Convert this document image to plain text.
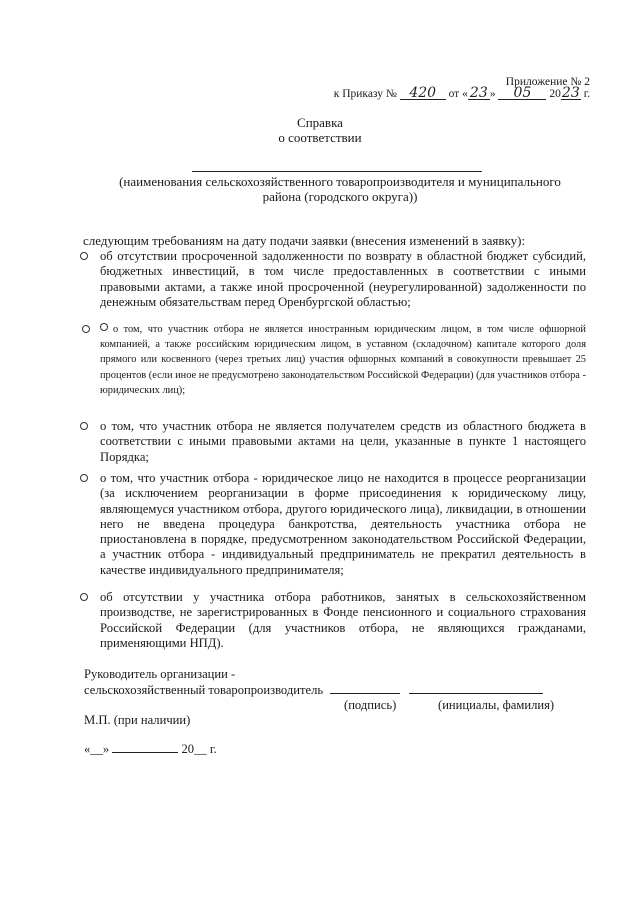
Приложение № 2
к Приказу № 420 от « 23 » 05 2023 г.
Справка
о соответствии
(наименования сельскохозяйственного товаропроизводителя и муниципального района (городского округа))
следующим требованиям на дату подачи заявки (внесения изменений в заявку):
об отсутствии просроченной задолженности по возврату в областной бюджет субсидий, бюджетных инвестиций, в том числе предоставленных в соответствии с иными правовыми актами, а также иной просроченной (неурегулированной) задолженности по денежным обязательствам перед Оренбургской областью;
о том, что участник отбора не является иностранным юридическим лицом, в том числе офшорной компанией, а также российским юридическим лицом, в уставном (складочном) капитале которого доля прямого или косвенного (через третьих лиц) участия офшорных компаний в совокупности превышает 25 процентов (если иное не предусмотрено законодательством Российской Федерации) (для участников отбора - юридических лиц);
о том, что участник отбора не является получателем средств из областного бюджета в соответствии с иными правовыми актами на цели, указанные в пункте 1 настоящего Порядка;
о том, что участник отбора - юридическое лицо не находится в процессе реорганизации (за исключением реорганизации в форме присоединения к юридическому лицу, являющемуся участником отбора, другого юридического лица), ликвидации, в отношении него не введена процедура банкротства, деятельность участника отбора не приостановлена в порядке, предусмотренном законодательством Российской Федерации, а участник отбора - индивидуальный предприниматель не прекратил деятельность в качестве индивидуального предпринимателя;
об отсутствии у участника отбора работников, занятых в сельскохозяйственном производстве, не зарегистрированных в Фонде пенсионного и социального страхования Российской Федерации (для участников отбора, не являющихся гражданами, применяющими НПД).
Руководитель организации -
сельскохозяйственный товаропроизводитель
(подпись)	(инициалы, фамилия)
М.П. (при наличии)
«__»	20__ г.
